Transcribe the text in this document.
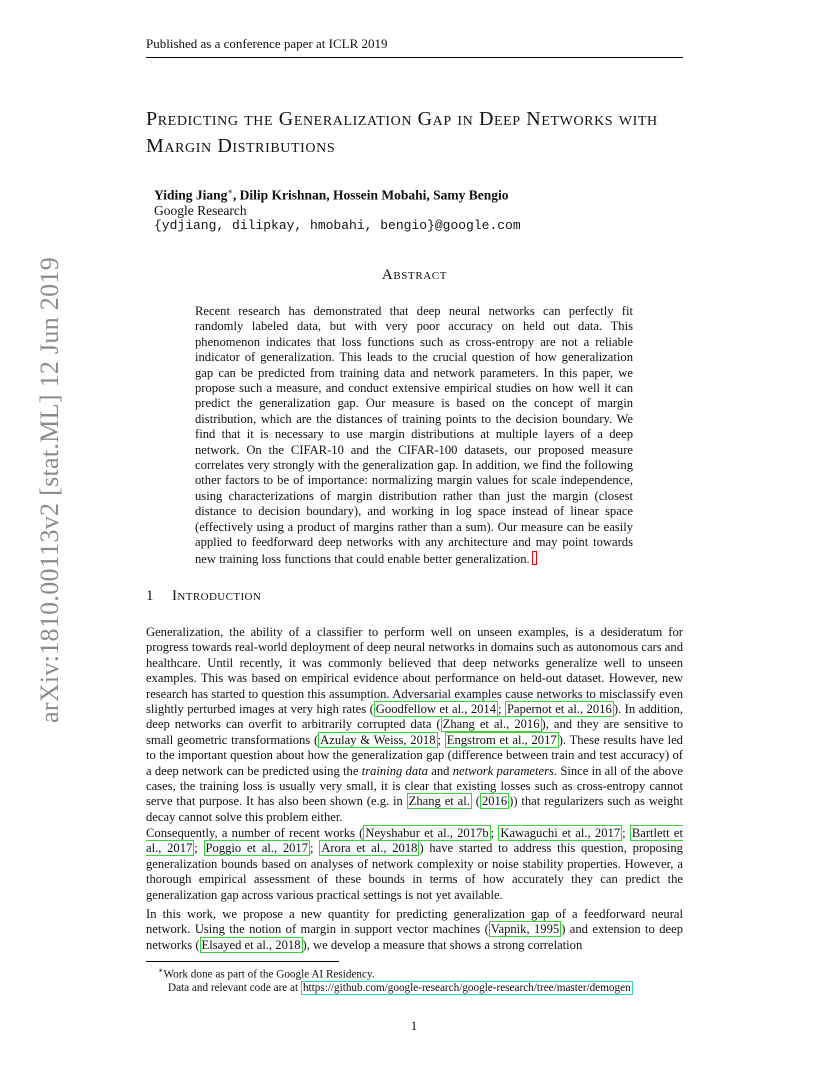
arXiv:1810.00113v2 [stat.ML] 12 Jun 2019
Published as a conference paper at ICLR 2019
Predicting the Generalization Gap in Deep Networks with Margin Distributions
Yiding Jiang∗, Dilip Krishnan, Hossein Mobahi, Samy Bengio
Google Research
{ydjiang, dilipkay, hmobahi, bengio}@google.com
Abstract

Recent research has demonstrated that deep neural networks can perfectly fit randomly labeled data, but with very poor accuracy on held out data. This phenomenon indicates that loss functions such as cross-entropy are not a reliable indicator of generalization. This leads to the crucial question of how generalization gap can be predicted from training data and network parameters. In this paper, we propose such a measure, and conduct extensive empirical studies on how well it can predict the generalization gap. Our measure is based on the concept of margin distribution, which are the distances of training points to the decision boundary. We find that it is necessary to use margin distributions at multiple layers of a deep network. On the CIFAR-10 and the CIFAR-100 datasets, our proposed measure correlates very strongly with the generalization gap. In addition, we find the following other factors to be of importance: normalizing margin values for scale independence, using characterizations of margin distribution rather than just the margin (closest distance to decision boundary), and working in log space instead of linear space (effectively using a product of margins rather than a sum). Our measure can be easily applied to feedforward deep networks with any architecture and may point towards new training loss functions that could enable better generalization.

1 Introduction

Generalization, the ability of a classifier to perform well on unseen examples, is a desideratum for progress towards real-world deployment of deep neural networks in domains such as autonomous cars and healthcare. Until recently, it was commonly believed that deep networks generalize well to unseen examples. This was based on empirical evidence about performance on held-out dataset. However, new research has started to question this assumption. Adversarial examples cause networks to misclassify even slightly perturbed images at very high rates ( Goodfellow et al., 2014 ; Papernot et al., 2016 ). In addition, deep networks can overfit to arbitrarily corrupted data ( Zhang et al., 2016 ), and they are sensitive to small geometric transformations ( Azulay & Weiss, 2018 ; Engstrom et al., 2017 ). These results have led to the important question about how the generalization gap (difference between train and test accuracy) of a deep network can be predicted using the training data and network parameters. Since in all of the above cases, the training loss is usually very small, it is clear that existing losses such as cross-entropy cannot serve that purpose. It has also been shown (e.g. in Zhang et al. ( 2016 )) that regularizers such as weight decay cannot solve this problem either.

Consequently, a number of recent works ( Neyshabur et al., 2017b ; Kawaguchi et al., 2017 ; Bartlett et al., 2017 ; Poggio et al., 2017 ; Arora et al., 2018 ) have started to address this question, proposing generalization bounds based on analyses of network complexity or noise stability properties. However, a thorough empirical assessment of these bounds in terms of how accurately they can predict the generalization gap across various practical settings is not yet available.

In this work, we propose a new quantity for predicting generalization gap of a feedforward neural network. Using the notion of margin in support vector machines ( Vapnik, 1995 ) and extension to deep networks ( Elsayed et al., 2018 ), we develop a measure that shows a strong correlation

∗Work done as part of the Google AI Residency.
Data and relevant code are at https://github.com/google-research/google-research/tree/master/demogen
1
